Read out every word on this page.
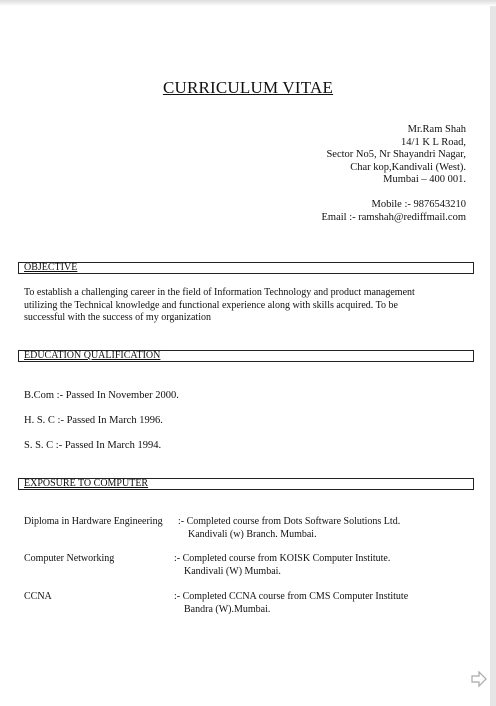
CURRICULUM VITAE
Mr.Ram Shah
14/1 K L Road,
Sector No5, Nr Shayandri Nagar,
Char kop,Kandivali (West).
Mumbai – 400 001.
Mobile :- 9876543210
Email :- ramshah@rediffmail.com
OBJECTIVE
To establish a challenging career in the field of Information Technology and product management
utilizing the Technical knowledge and functional experience along with skills acquired. To be
successful with the success of my organization
EDUCATION QUALIFICATION
B.Com :- Passed In November 2000.
H. S. C :- Passed In March 1996.
S. S. C :- Passed In March 1994.
EXPOSURE TO COMPUTER
Diploma in Hardware Engineering :- Completed course from Dots Software Solutions Ltd.
Kandivali (w) Branch. Mumbai.
Computer Networking	:- Completed course from KOISK Computer Institute.
Kandivali (W) Mumbai.
CCNA	:- Completed CCNA course from CMS Computer Institute
Bandra (W).Mumbai.
